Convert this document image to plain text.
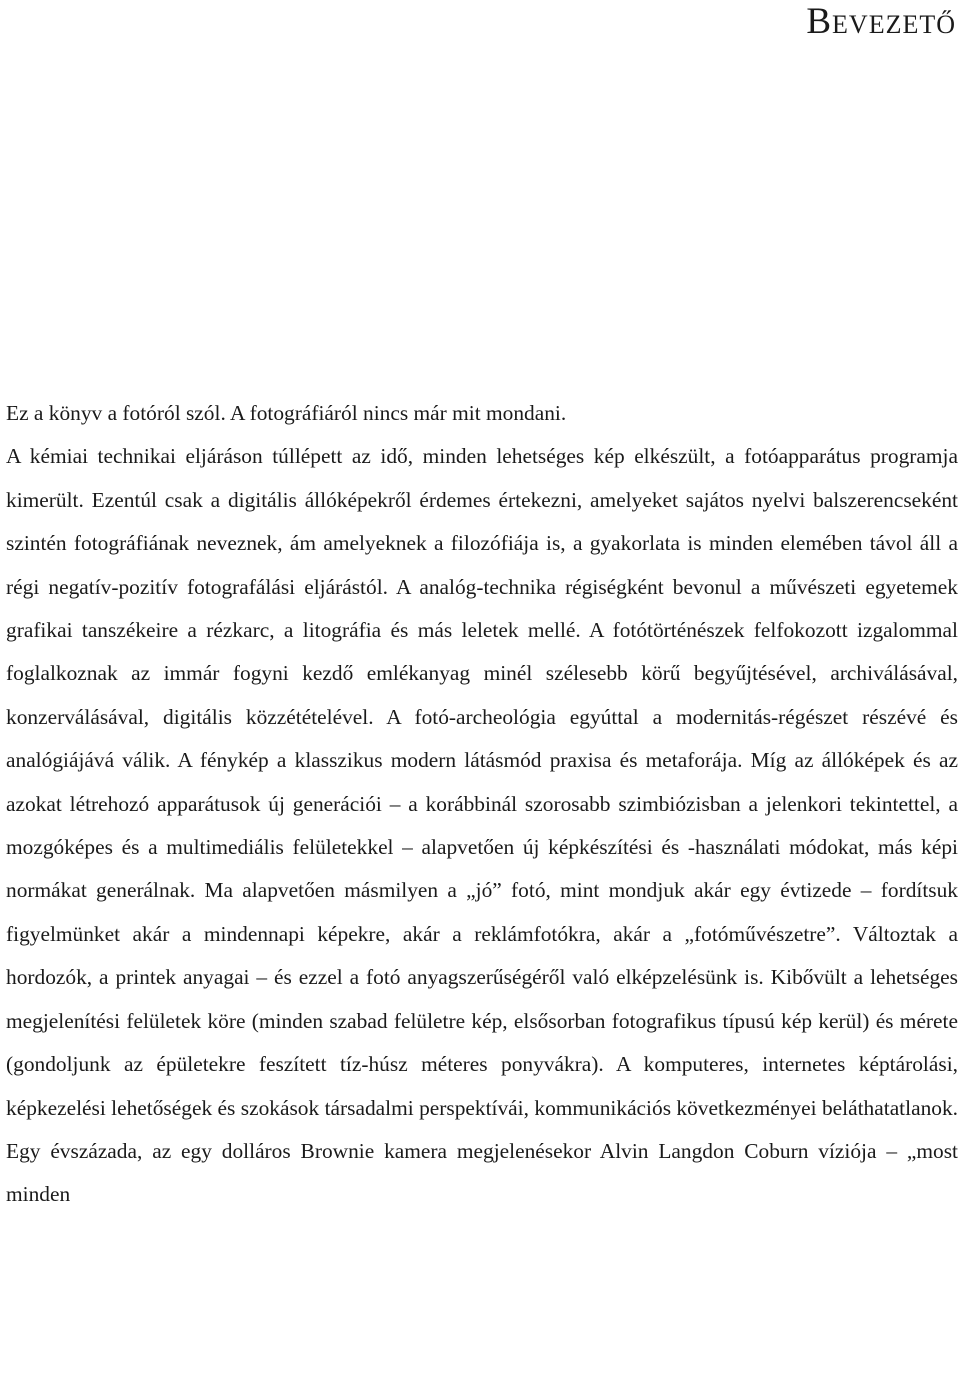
Bevezető

Ez a könyv a fotóról szól. A fotográfiáról nincs már mit mondani.

A kémiai technikai eljáráson túllépett az idő, minden lehetséges kép elkészült, a fotóapparátus programja kimerült. Ezentúl csak a digitális állóképekről érdemes értekezni, amelyeket sajátos nyelvi balszerencseként szintén fotográfiának neveznek, ám amelyeknek a filozófiája is, a gyakorlata is minden elemében távol áll a régi negatív-pozitív fotografálási eljárástól. A analóg-technika régiségként bevonul a művészeti egyetemek grafikai tanszékeire a rézkarc, a litográfia és más leletek mellé. A fotótörténészek felfokozott izgalommal foglalkoznak az immár fogyni kezdő emlékanyag minél szélesebb körű begyűjtésével, archiválásával, konzerválásával, digitális közzétételével. A fotó-archeológia egyúttal a modernitás-régészet részévé és analógiájává válik. A fénykép a klasszikus modern látásmód praxisa és metaforája. Míg az állóképek és az azokat létrehozó apparátusok új generációi – a korábbinál szorosabb szimbiózisban a jelenkori tekintettel, a mozgóképes és a multimediális felületekkel – alapvetően új képkészítési és -használati módokat, más képi normákat generálnak. Ma alapvetően másmilyen a „jó” fotó, mint mondjuk akár egy évtizede – fordítsuk figyelmünket akár a mindennapi képekre, akár a reklámfotókra, akár a „fotóművészetre”. Változtak a hordozók, a printek anyagai – és ezzel a fotó anyagszerűségéről való elképzelésünk is. Kibővült a lehetséges megjelenítési felületek köre (minden szabad felületre kép, elsősorban fotografikus típusú kép kerül) és mérete (gondoljunk az épületekre feszített tíz-húsz méteres ponyvákra). A komputeres, internetes képtárolási, képkezelési lehetőségek és szokások társadalmi perspektívái, kommunikációs következményei beláthatatlanok. Egy évszázada, az egy dolláros Brownie kamera megjelenésekor Alvin Langdon Coburn víziója – „most minden
